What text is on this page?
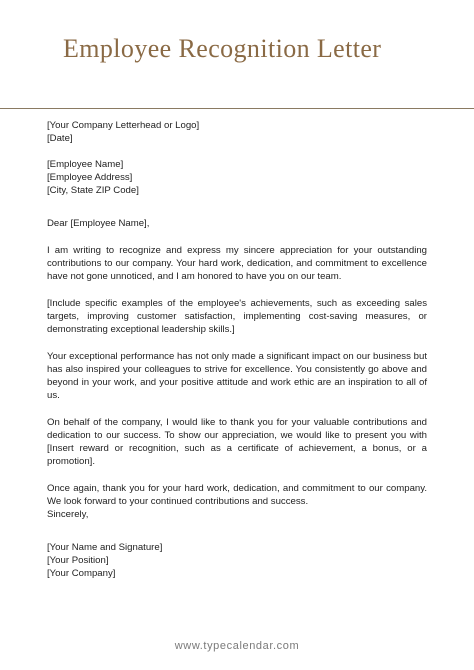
Employee Recognition Letter
[Your Company Letterhead or Logo]
[Date]
[Employee Name]
[Employee Address]
[City, State ZIP Code]
Dear [Employee Name],

I am writing to recognize and express my sincere appreciation for your outstanding contributions to our company. Your hard work, dedication, and commitment to excellence have not gone unnoticed, and I am honored to have you on our team.

[Include specific examples of the employee's achievements, such as exceeding sales targets, improving customer satisfaction, implementing cost-saving measures, or demonstrating exceptional leadership skills.]

Your exceptional performance has not only made a significant impact on our business but has also inspired your colleagues to strive for excellence. You consistently go above and beyond in your work, and your positive attitude and work ethic are an inspiration to all of us.

On behalf of the company, I would like to thank you for your valuable contributions and dedication to our success. To show our appreciation, we would like to present you with [Insert reward or recognition, such as a certificate of achievement, a bonus, or a promotion].

Once again, thank you for your hard work, dedication, and commitment to our company. We look forward to your continued contributions and success.

Sincerely,
[Your Name and Signature]
[Your Position]
[Your Company]
www.typecalendar.com
